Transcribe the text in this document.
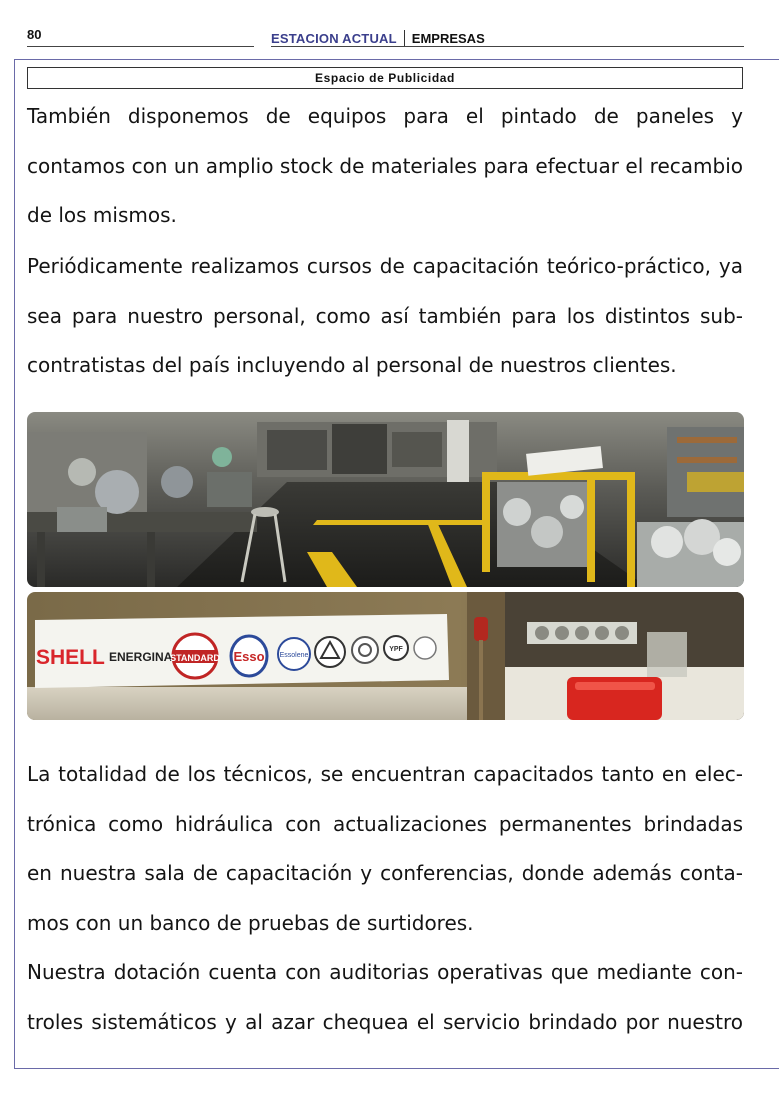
80	ESTACION ACTUAL EMPRESAS
Espacio de Publicidad
También disponemos de equipos para el pintado de paneles y
contamos con un amplio stock de materiales para efectuar el recambio
de los mismos.
Periódicamente realizamos cursos de capacitación teórico-práctico, ya
sea para nuestro personal, como así también para los distintos sub-
contratistas del país incluyendo al personal de nuestros clientes.
SHELL ENERGINA
STANDARD Esso Essolene
YPF
La totalidad de los técnicos, se encuentran capacitados tanto en elec-
trónica como hidráulica con actualizaciones permanentes brindadas
en nuestra sala de capacitación y conferencias, donde además conta-
mos con un banco de pruebas de surtidores.
Nuestra dotación cuenta con auditorias operativas que mediante con-
troles sistemáticos y al azar chequea el servicio brindado por nuestro
